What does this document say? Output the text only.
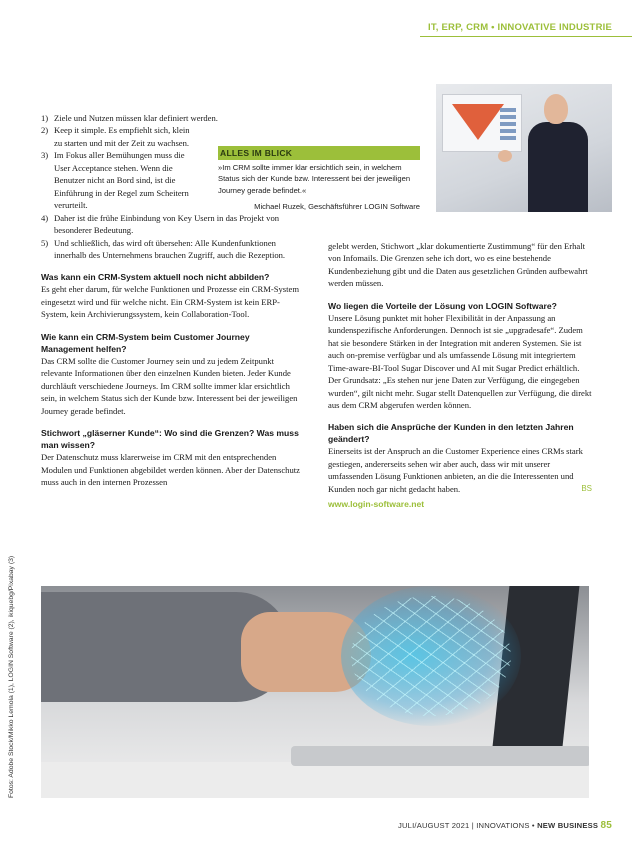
IT, ERP, CRM • INNOVATIVE INDUSTRIE
ALLES IM BLICK
»Im CRM sollte immer klar ersichtlich sein, in welchem Status sich der Kunde bzw. Interessent bei der jeweiligen Journey gerade befindet.«
Michael Ruzek, Geschäftsführer LOGIN Software
1) Ziele und Nutzen müssen klar definiert werden.
2) Keep it simple. Es empfiehlt sich, klein zu starten und mit der Zeit zu wachsen.
3) Im Fokus aller Bemühungen muss die User Acceptance stehen. Wenn die Benutzer nicht an Bord sind, ist die Einführung in der Regel zum Scheitern verurteilt.
4) Daher ist die frühe Einbindung von Key Usern in das Projekt von besonderer Bedeutung.
5) Und schließlich, das wird oft übersehen: Alle Kundenfunktionen innerhalb des Unternehmens brauchen Zugriff, auch die Rezeption.
Was kann ein CRM-System aktuell noch nicht abbilden?
Es geht eher darum, für welche Funktionen und Prozesse ein CRM-System eingesetzt wird und für welche nicht. Ein CRM-System ist kein ERP-System, kein Archivierungssystem, kein Collaboration-Tool.
Wie kann ein CRM-System beim Customer Journey Management helfen?
Das CRM sollte die Customer Journey sein und zu jedem Zeitpunkt relevante Informationen über den einzelnen Kunden bieten. Jeder Kunde durchläuft verschiedene Journeys. Im CRM sollte immer klar ersichtlich sein, in welchem Status sich der Kunde bzw. Interessent bei der jeweiligen Journey gerade befindet.
Stichwort „gläserner Kunde“: Wo sind die Grenzen? Was muss man wissen?
Der Datenschutz muss klarerweise im CRM mit den entsprechenden Modulen und Funktionen abgebildet werden können. Aber der Datenschutz muss auch in den internen Prozessen
gelebt werden, Stichwort „klar dokumentierte Zustimmung“ für den Erhalt von Infomails. Die Grenzen sehe ich dort, wo es eine bestehende Kundenbeziehung gibt und die Daten aus gesetzlichen Gründen aufbewahrt werden müssen.
Wo liegen die Vorteile der Lösung von LOGIN Software?
Unsere Lösung punktet mit hoher Flexibilität in der Anpassung an kundenspezifische Anforderungen. Dennoch ist sie „upgradesafe“. Zudem hat sie besondere Stärken in der Integration mit anderen Systemen. Sie ist auch on-premise verfügbar und als umfassende Lösung mit integriertem Time-aware-BI-Tool Sugar Discover und AI mit Sugar Predict erhältlich. Der Grundsatz: „Es stehen nur jene Daten zur Verfügung, die eingegeben wurden“, gilt nicht mehr. Sugar stellt Datenquellen zur Verfügung, die direkt aus dem CRM abgerufen werden können.
Haben sich die Ansprüche der Kunden in den letzten Jahren geändert?
Einerseits ist der Anspruch an die Customer Experience eines CRMs stark gestiegen, andererseits sehen wir aber auch, dass wir mit unserer umfassenden Lösung Funktionen anbieten, an die die Interessenten und Kunden noch gar nicht gedacht haben.	BS
www.login-software.net
Fotos: Adobe Stock/Mikko Lemola (1), LOGIN Software (2), ikiquebg/Pixabay (3)
JULI/AUGUST 2021 | INNOVATIONS • NEW BUSINESS 85
